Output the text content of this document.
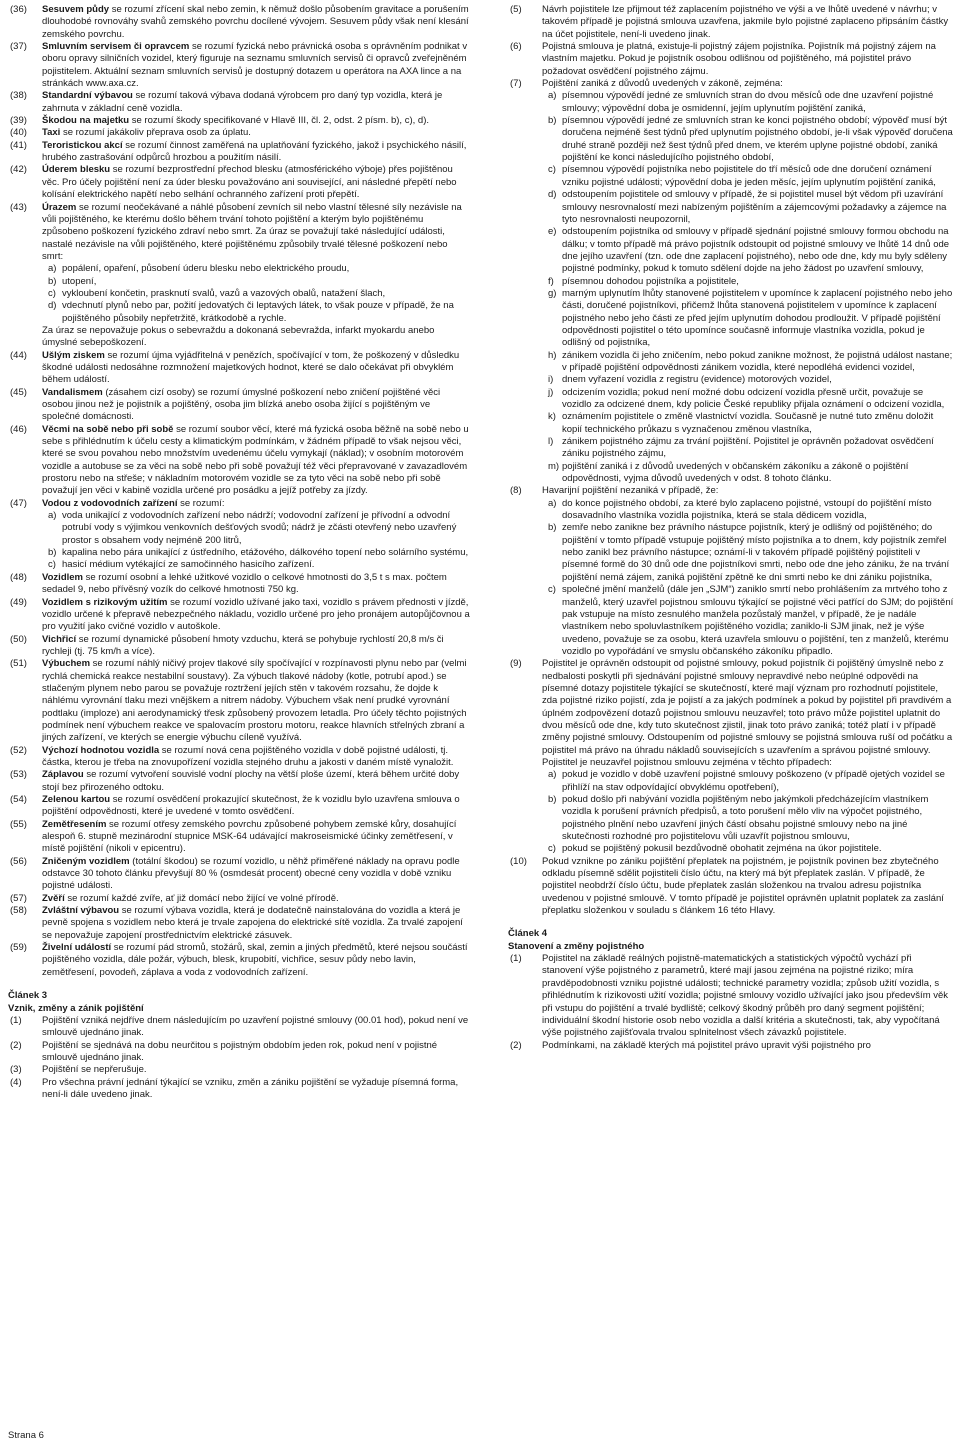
(36) Sesuvem půdy se rozumí zřícení skal nebo zemin, k němuž došlo působením gravitace a porušením dlouhodobé rovnováhy svahů zemského povrchu docílené vývojem. Sesuvem půdy však není klesání zemského povrchu.

(37) Smluvním servisem či opravcem se rozumí fyzická nebo právnická osoba s oprávněním podnikat v oboru opravy silničních vozidel, který figuruje na seznamu smluvních servisů či opravců zveřejněném pojistitelem. Aktuální seznam smluvních servisů je dostupný dotazem u operátora na AXA lince a na stránkách www.axa.cz.

(38) Standardní výbavou se rozumí taková výbava dodaná výrobcem pro daný typ vozidla, která je zahrnuta v základní ceně vozidla.

(39) Škodou na majetku se rozumí škody specifikované v Hlavě III, čl. 2, odst. 2 písm. b), c), d).

(40) Taxi se rozumí jakákoliv přeprava osob za úplatu.

(41) Teroristickou akcí se rozumí činnost zaměřená na uplatňování fyzického, jakož i psychického násilí, hrubého zastrašování odpůrců hrozbou a použitím násilí.

(42) Úderem blesku se rozumí bezprostřední přechod blesku (atmosférického výboje) přes pojištěnou věc. Pro účely pojištění není za úder blesku považováno ani související, ani následné přepětí nebo kolísání elektrického napětí nebo selhání ochranného zařízení proti přepětí.

(43) Úrazem se rozumí neočekávané a náhlé působení zevních sil nebo vlastní tělesné síly nezávisle na vůli pojištěného, ke kterému došlo během trvání tohoto pojištění a kterým bylo pojištěnému způsobeno poškození fyzického zdraví nebo smrt. Za úraz se považují také následující události, nastalé nezávisle na vůli pojištěného, které pojištěnému způsobily trvalé tělesné poškození nebo smrt:

a) popálení, opaření, působení úderu blesku nebo elektrického proudu,

b) utopení,

c) vykloubení končetin, prasknutí svalů, vazů a vazových obalů, natažení šlach,

d) vdechnutí plynů nebo par, požití jedovatých či leptavých látek, to však pouze v případě, že na pojištěného působily nepřetržitě, krátkodobě a rychle.

Za úraz se nepovažuje pokus o sebevraždu a dokonaná sebevražda, infarkt myokardu anebo úmyslné sebepoškození.

(44) Ušlým ziskem se rozumí újma vyjádřitelná v penězích, spočívající v tom, že poškozený v důsledku škodné události nedosáhne rozmnožení majetkových hodnot, které se dalo očekávat při obvyklém během událostí.

(45) Vandalismem (zásahem cizí osoby) se rozumí úmyslné poškození nebo zničení pojištěné věci osobou jinou než je pojistník a pojištěný, osoba jim blízká anebo osoba žijící s pojištěným ve společné domácnosti.

(46) Věcmi na sobě nebo při sobě se rozumí soubor věcí, které má fyzická osoba běžně na sobě nebo u sebe s přihlédnutím k účelu cesty a klimatickým podmínkám, v žádném případě to však nejsou věci, které se svou povahou nebo množstvím uvedenému účelu vymykají (náklad); v osobním motorovém vozidle a autobuse se za věci na sobě nebo při sobě považují též věci přepravované v zavazadlovém prostoru nebo na střeše; v nákladním motorovém vozidle se za tyto věci na sobě nebo při sobě považují jen věci v kabině vozidla určené pro posádku a jejíž potřeby za jízdy.

(47) Vodou z vodovodních zařízení se rozumí:

a) voda unikající z vodovodních zařízení nebo nádrží; vodovodní zařízení je přívodní a odvodní potrubí vody s výjimkou venkovních dešťových svodů; nádrž je zčásti otevřený nebo uzavřený prostor s obsahem vody nejméně 200 litrů,

b) kapalina nebo pára unikající z ústředního, etážového, dálkového topení nebo solárního systému,

c) hasicí médium vytékající ze samočinného hasicího zařízení.

(48) Vozidlem se rozumí osobní a lehké užitkové vozidlo o celkové hmotnosti do 3,5 t s max. počtem sedadel 9, nebo přívěsný vozík do celkové hmotnosti 750 kg.

(49) Vozidlem s rizikovým užitím se rozumí vozidlo užívané jako taxi, vozidlo s právem přednosti v jízdě, vozidlo určené k přepravě nebezpečného nákladu, vozidlo určené pro jeho pronájem autopůjčovnou a pro využití jako cvičné vozidlo v autoškole.

(50) Vichřicí se rozumí dynamické působení hmoty vzduchu, která se pohybuje rychlostí 20,8 m/s či rychleji (tj. 75 km/h a více).

(51) Výbuchem se rozumí náhlý ničivý projev tlakové síly spočívající v rozpínavosti plynu nebo par (velmi rychlá chemická reakce nestabilní soustavy). Za výbuch tlakové nádoby (kotle, potrubí apod.) se stlačeným plynem nebo parou se považuje roztržení jejích stěn v takovém rozsahu, že dojde k náhlému vyrovnání tlaku mezi vnějškem a nitrem nádoby. Výbuchem však není prudké vyrovnání podtlaku (imploze) ani aerodynamický třesk způsobený provozem letadla. Pro účely těchto pojistných podmínek není výbuchem reakce ve spalovacím prostoru motoru, reakce hlavních střelných zbraní a jiných zařízení, ve kterých se energie výbuchu cíleně využívá.

(52) Výchozí hodnotou vozidla se rozumí nová cena pojištěného vozidla v době pojistné události, tj. částka, kterou je třeba na znovupořízení vozidla stejného druhu a jakosti v daném místě vynaložit.

(53) Záplavou se rozumí vytvoření souvislé vodní plochy na větší ploše území, která během určité doby stojí bez přirozeného odtoku.

(54) Zelenou kartou se rozumí osvědčení prokazující skutečnost, že k vozidlu bylo uzavřena smlouva o pojištění odpovědnosti, které je uvedené v tomto osvědčení.

(55) Zemětřesením se rozumí otřesy zemského povrchu způsobené pohybem zemské kůry, dosahující alespoň 6. stupně mezinárodní stupnice MSK-64 udávající makroseismické účinky zemětřesení, v místě pojištění (nikoli v epicentru).

(56) Zničeným vozidlem (totální škodou) se rozumí vozidlo, u něhž přiměřené náklady na opravu podle odstavce 30 tohoto článku převyšují 80 % (osmdesát procent) obecné ceny vozidla v době vzniku pojistné události.

(57) Zvěří se rozumí každé zvíře, ať již domácí nebo žijící ve volné přírodě.

(58) Zvláštní výbavou se rozumí výbava vozidla, která je dodatečně nainstalována do vozidla a která je pevně spojena s vozidlem nebo která je trvale zapojena do elektrické sítě vozidla. Za trvalé zapojení se nepovažuje zapojení prostřednictvím elektrické zásuvek.

(59) Živelní událostí se rozumí pád stromů, stožárů, skal, zemin a jiných předmětů, které nejsou součástí pojištěného vozidla, dále požár, výbuch, blesk, krupobití, vichřice, sesuv půdy nebo lavin, zemětřesení, povodeň, záplava a voda z vodovodních zařízení.

Článek 3
Vznik, změny a zánik pojištění

(1) Pojištění vzniká nejdříve dnem následujícím po uzavření pojistné smlouvy (00.01 hod), pokud není ve smlouvě ujednáno jinak.

(2) Pojištění se sjednává na dobu neurčitou s pojistným obdobím jeden rok, pokud není v pojistné smlouvě ujednáno jinak.

(3) Pojištění se nepřerušuje.

(4) Pro všechna právní jednání týkající se vzniku, změn a zániku pojištění se vyžaduje písemná forma, není-li dále uvedeno jinak.

(5) Návrh pojistitele lze přijmout též zaplacením pojistného ve výši a ve lhůtě uvedené v návrhu; v takovém případě je pojistná smlouva uzavřena, jakmile bylo pojistné zaplaceno připsáním částky na účet pojistitele, není-li uvedeno jinak.

(6) Pojistná smlouva je platná, existuje-li pojistný zájem pojistníka. Pojistník má pojistný zájem na vlastním majetku. Pokud je pojistník osobou odlišnou od pojištěného, má pojistitel právo požadovat osvědčení pojistného zájmu.

(7) Pojištění zaniká z důvodů uvedených v zákoně, zejména:

a) písemnou výpovědí jedné ze smluvních stran do dvou měsíců ode dne uzavření pojistné smlouvy; výpovědní doba je osmidenní, jejím uplynutím pojištění zaniká,

b) písemnou výpovědí jedné ze smluvních stran ke konci pojistného období; výpověď musí být doručena nejméně šest týdnů před uplynutím pojistného období, je-li však výpověď doručena druhé straně později než šest týdnů před dnem, ve kterém uplyne pojistné období, zaniká pojištění ke konci následujícího pojistného období,

c) písemnou výpovědí pojistníka nebo pojistitele do tří měsíců ode dne doručení oznámení vzniku pojistné události; výpovědní doba je jeden měsíc, jejím uplynutím pojištění zaniká,

d) odstoupením pojistitele od smlouvy v případě, že si pojistitel musel být vědom při uzavírání smlouvy nesrovnalostí mezi nabízeným pojištěním a zájemcovými požadavky a zájemce na tyto nesrovnalosti neupozornil,

e) odstoupením pojistníka od smlouvy v případě sjednání pojistné smlouvy formou obchodu na dálku; v tomto případě má právo pojistník odstoupit od pojistné smlouvy ve lhůtě 14 dnů ode dne jejího uzavření (tzn. ode dne zaplacení pojistného), nebo ode dne, kdy mu byly sděleny pojistné podmínky, pokud k tomuto sdělení dojde na jeho žádost po uzavření smlouvy,

f) písemnou dohodou pojistníka a pojistitele,

g) marným uplynutím lhůty stanovené pojistitelem v upomínce k zaplacení pojistného nebo jeho části, doručené pojistníkovi, přičemž lhůta stanovená pojistitelem v upomínce k zaplacení pojistného nebo jeho části ze před jejím uplynutím dohodou prodloužit. V případě pojištění odpovědnosti pojistitel o této upomínce současně informuje vlastníka vozidla, pokud je odlišný od pojistníka,

h) zánikem vozidla či jeho zničením, nebo pokud zanikne možnost, že pojistná událost nastane; v případě pojištění odpovědnosti zánikem vozidla, které nepodléhá evidenci vozidel,

i) dnem vyřazení vozidla z registru (evidence) motorových vozidel,

j) odcizením vozidla; pokud není možné dobu odcizení vozidla přesně určit, považuje se vozidlo za odcizené dnem, kdy policie České republiky přijala oznámení o odcizení vozidla,

k) oznámením pojistitele o změně vlastnictví vozidla. Současně je nutné tuto změnu doložit kopií technického průkazu s vyznačenou změnou vlastníka,

l) zánikem pojistného zájmu za trvání pojištění. Pojistitel je oprávněn požadovat osvědčení zániku pojistného zájmu,

m) pojištění zaniká i z důvodů uvedených v občanském zákoníku a zákoně o pojištění odpovědnosti, vyjma důvodů uvedených v odst. 8 tohoto článku.

(8) Havarijní pojištění nezaniká v případě, že:

a) do konce pojistného období, za které bylo zaplaceno pojistné, vstoupí do pojištění místo dosavadního vlastníka vozidla pojistníka, která se stala dědicem vozidla,

b) zemře nebo zanikne bez právního nástupce pojistník, který je odlišný od pojištěného; do pojištění v tomto případě vstupuje pojištěný místo pojistníka a to dnem, kdy pojistník zemřel nebo zanikl bez právního nástupce; oznámí-li v takovém případě pojištěný pojistiteli v písemné formě do 30 dnů ode dne pojistníkovi smrti, nebo ode dne jeho zániku, že na trvání pojištění nemá zájem, zaniká pojištění zpětně ke dni smrti nebo ke dni zániku pojistníka,

c) společné jmění manželů (dále jen „SJM“) zaniklo smrtí nebo prohlášením za mrtvého toho z manželů, který uzavřel pojistnou smlouvu týkající se pojistné věci patřící do SJM; do pojištění pak vstupuje na místo zesnulého manžela pozůstalý manžel, v případě, že je nadále vlastníkem nebo spoluvlastníkem pojištěného vozidla; zaniklo-li SJM jinak, než je výše uvedeno, považuje se za osobu, která uzavřela smlouvu o pojištění, ten z manželů, kterému vozidlo po vypořádání ve smyslu občanského zákoníku připadlo.

(9) Pojistitel je oprávněn odstoupit od pojistné smlouvy, pokud pojistník či pojištěný úmyslně nebo z nedbalosti poskytli při sjednávání pojistné smlouvy nepravdivé nebo neúplné odpovědi na písemné dotazy pojistitele týkající se skutečností, které mají význam pro rozhodnutí pojistitele, zda pojistné riziko pojistí, zda je pojistí a za jakých podmínek a pokud by pojistitel při pravdivém a úplném zodpovězení dotazů pojistnou smlouvu neuzavřel; toto právo může pojistitel uplatnit do dvou měsíců ode dne, kdy tuto skutečnost zjistil, jinak toto právo zaniká; totéž platí i v případě změny pojistné smlouvy. Odstoupením od pojistné smlouvy se pojistná smlouva ruší od počátku a pojistitel má právo na úhradu nákladů souvisejících s uzavřením a správou pojistné smlouvy. Pojistitel je neuzavřel pojistnou smlouvu zejména v těchto případech:

a) pokud je vozidlo v době uzavření pojistné smlouvy poškozeno (v případě ojetých vozidel se přihlíží na stav odpovídající obvyklému opotřebení),

b) pokud došlo při nabývání vozidla pojištěným nebo jakýmkoli předcházejícím vlastníkem vozidla k porušení právních předpisů, a toto porušení mělo vliv na výpočet pojistného, pojistného plnění nebo uzavření jiných částí obsahu pojistné smlouvy nebo na jiné skutečnosti rozhodné pro pojistitelovu vůli uzavřít pojistnou smlouvu,

c) pokud se pojištěný pokusil bezdůvodně obohatit zejména na úkor pojistitele.

(10) Pokud vznikne po zániku pojištění přeplatek na pojistném, je pojistník povinen bez zbytečného odkladu písemně sdělit pojistiteli číslo účtu, na který má být přeplatek zaslán. V případě, že pojistitel neobdrží číslo účtu, bude přeplatek zaslán složenkou na trvalou adresu pojistníka uvedenou v pojistné smlouvě. V tomto případě je pojistitel oprávněn uplatnit poplatek za zaslání přeplatku složenkou v souladu s článkem 16 této Hlavy.

Článek 4
Stanovení a změny pojistného

(1) Pojistitel na základě reálných pojistně-matematických a statistických výpočtů vychází při stanovení výše pojistného z parametrů, které mají jasou zejména na pojistné riziko; míra pravděpodobnosti vzniku pojistné události; technické parametry vozidla; způsob užití vozidla, s přihlédnutím k rizikovosti užití vozidla; pojistné smlouvy vozidlo užívající jako jsou především věk při vstupu do pojištění a trvalé bydliště; celkový škodný průběh pro daný segment pojištění; individuální škodní historie osob nebo vozidla a další kritéria a skutečnosti, tak, aby vypočítaná výše pojistného zajišťovala trvalou splnitelnost všech závazků pojistitele.

(2) Podmínkami, na základě kterých má pojistitel právo upravit výši pojistného pro

Strana 6
